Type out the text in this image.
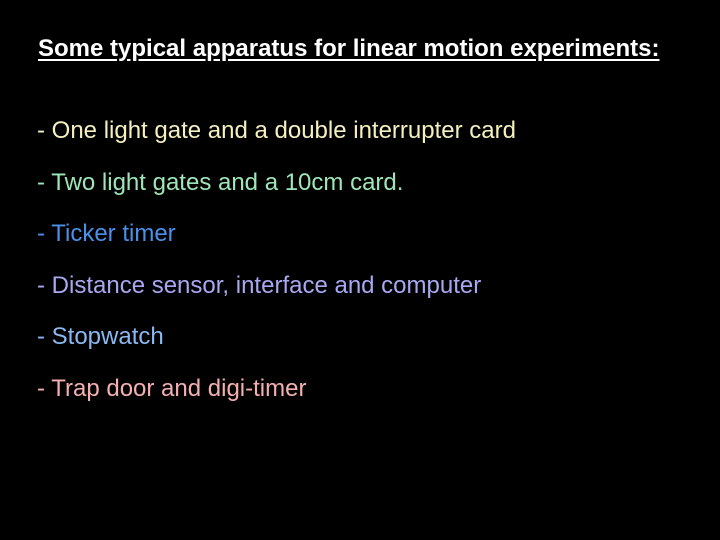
Some typical apparatus for linear motion experiments:
- One light gate and a double interrupter card
- Two light gates and a 10cm card.
- Ticker timer
- Distance sensor, interface and computer
- Stopwatch
- Trap door and digi-timer
